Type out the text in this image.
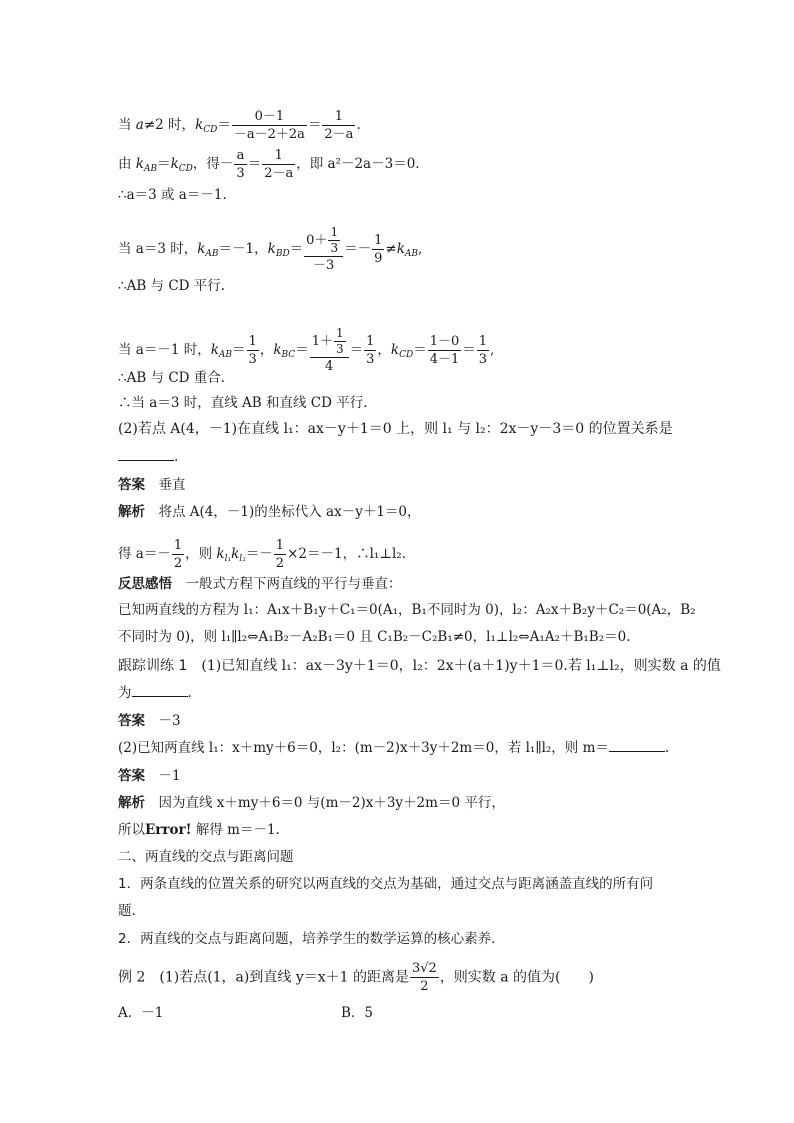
当 a≠2 时，$k_{CD}= \frac{0-1}{-a-2+2a} = \frac{1}{2-a}$ .
由 $k_{AB}=k_{CD}$，得－ $\frac{a}{3} = \frac{1}{2-a}$ ，即 a²－2a－3＝0.
∴a＝3 或 a＝－1.
当 a＝3 时，$k_{AB}=-1$，$k_{BD}= \frac{0+ \frac{1}{3}}{-3} =- \frac{1}{9} \ne k_{AB}$,
∴AB 与 CD 平行.
当 a＝－1 时，$k_{AB}= \frac{1}{3}$ ，$k_{BC}= \frac{1+ \frac{1}{3}}{4} = \frac{1}{3}$ ，$k_{CD}= \frac{1-0}{4-1} = \frac{1}{3}$ ,
∴AB 与 CD 重合.
∴当 a＝3 时，直线 AB 和直线 CD 平行.
(2)若点 A(4，－1)在直线 l₁：ax－y＋1＝0 上，则 l₁ 与 l₂：2x－y－3＝0 的位置关系是
.
答案　 垂直
解析　 将点 A(4，－1)的坐标代入 ax－y＋1＝0，
得 $a=- \frac{1}{2}$ ，则 $k_{l_1}k_{l_2}=- \frac{1}{2} \times 2=-1$，∴l₁⊥l₂.
反思感悟　 一般式方程下两直线的平行与垂直：
已知两直线的方程为 l₁：A₁x＋B₁y＋C₁＝0(A₁，B₁不同时为 0)，l₂：A₂x＋B₂y＋C₂＝0(A₂，B₂
不同时为 0)，则 l₁∥l₂⇔A₁B₂－A₂B₁＝0 且 C₁B₂－C₂B₁≠0，l₁⊥l₂⇔A₁A₂＋B₁B₂＝0.
跟踪训练 1　 (1)已知直线 l₁：ax－3y＋1＝0，l₂：2x＋(a＋1)y＋1＝0.若 l₁⊥l₂，则实数 a 的值
为	.
答案　 －3
(2)已知两直线 l₁：x＋my＋6＝0，l₂：(m－2)x＋3y＋2m＝0，若 l₁∥l₂，则 m＝	.
答案　 －1
解析　 因为直线 x＋my＋6＝0 与(m－2)x＋3y＋2m＝0 平行，
所以Error! 解得 m＝－1.
二、两直线的交点与距离问题
1．两条直线的位置关系的研究以两直线的交点为基础，通过交点与距离涵盖直线的所有问
题．
2．两直线的交点与距离问题，培养学生的数学运算的核心素养．
例 2　(1)若点(1，a)到直线 y＝x＋1 的距离是 $\frac{3√2}{2}$ ，则实数 a 的值为(　　)
A．－1	B．5
